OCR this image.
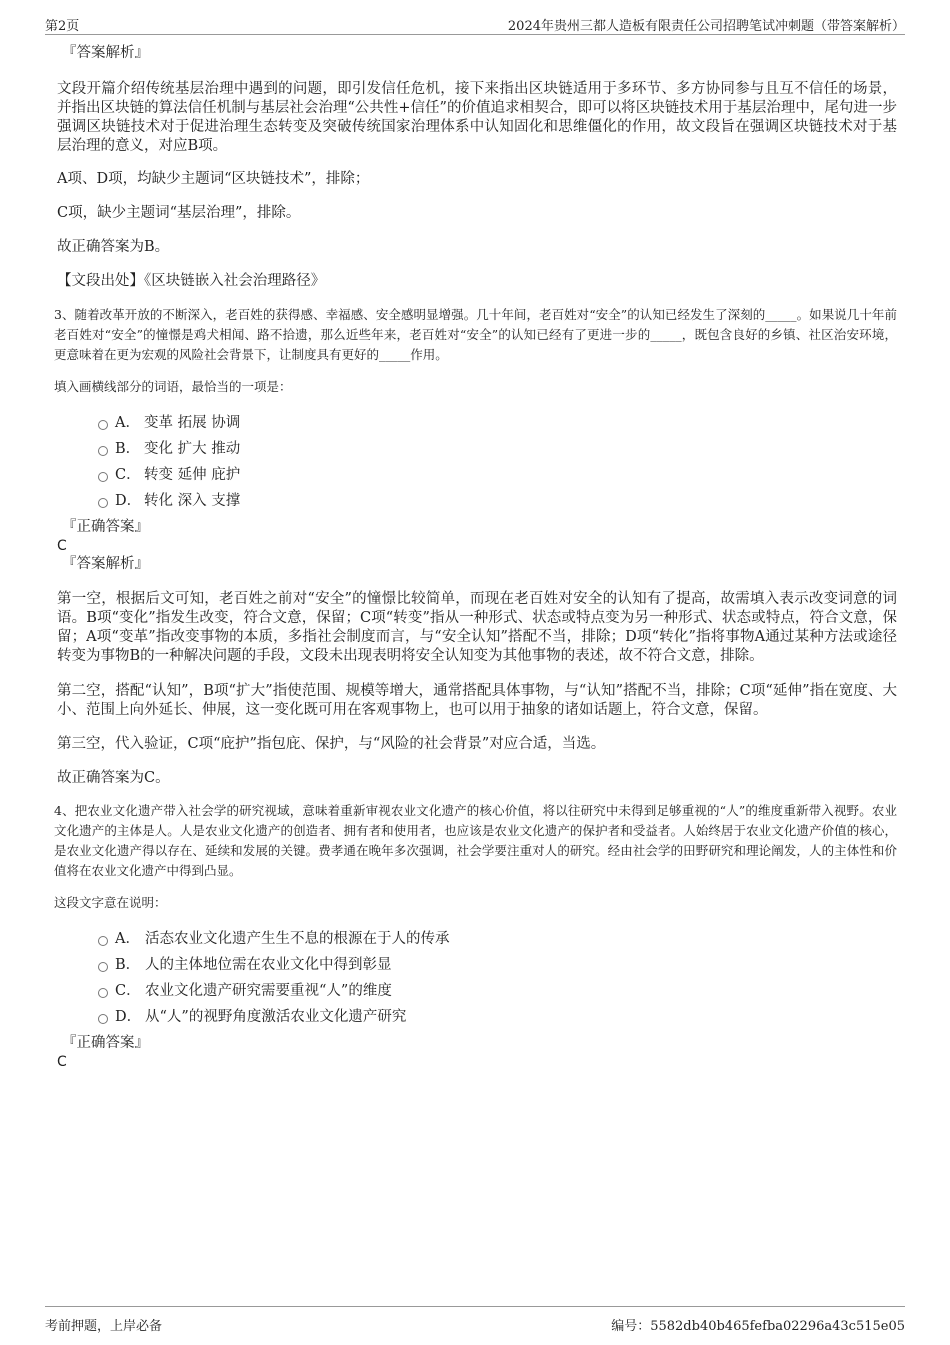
第2页	2024年贵州三都人造板有限责任公司招聘笔试冲刺题（带答案解析）

『答案解析』

文段开篇介绍传统基层治理中遇到的问题，即引发信任危机，接下来指出区块链适用于多环节、多方协同参与且互不信任的场景，并指出区块链的算法信任机制与基层社会治理“公共性+信任”的价值追求相契合，即可以将区块链技术用于基层治理中，尾句进一步强调区块链技术对于促进治理生态转变及突破传统国家治理体系中认知固化和思维僵化的作用，故文段旨在强调区块链技术对于基层治理的意义，对应B项。

A项、D项，均缺少主题词“区块链技术”，排除；

C项，缺少主题词“基层治理”，排除。

故正确答案为B。

【文段出处】《区块链嵌入社会治理路径》

3、随着改革开放的不断深入，老百姓的获得感、幸福感、安全感明显增强。几十年间，老百姓对“安全”的认知已经发生了深刻的_____。如果说几十年前老百姓对“安全”的憧憬是鸡犬相闻、路不拾遗，那么近些年来，老百姓对“安全”的认知已经有了更进一步的_____，既包含良好的乡镇、社区治安环境，更意味着在更为宏观的风险社会背景下，让制度具有更好的_____作用。

填入画横线部分的词语，最恰当的一项是：

A． 变革 拓展 协调
B． 变化 扩大 推动
C． 转变 延伸 庇护
D． 转化 深入 支撑

『正确答案』

C

『答案解析』

第一空，根据后文可知，老百姓之前对“安全”的憧憬比较简单，而现在老百姓对安全的认知有了提高，故需填入表示改变词意的词语。B项“变化”指发生改变，符合文意，保留；C项“转变”指从一种形式、状态或特点变为另一种形式、状态或特点，符合文意，保留；A项“变革”指改变事物的本质，多指社会制度而言，与“安全认知”搭配不当，排除；D项“转化”指将事物A通过某种方法或途径转变为事物B的一种解决问题的手段，文段未出现表明将安全认知变为其他事物的表述，故不符合文意，排除。

第二空，搭配“认知”，B项“扩大”指使范围、规模等增大，通常搭配具体事物，与“认知”搭配不当，排除；C项“延伸”指在宽度、大小、范围上向外延长、伸展，这一变化既可用在客观事物上，也可以用于抽象的诸如话题上，符合文意，保留。

第三空，代入验证，C项“庇护”指包庇、保护，与“风险的社会背景”对应合适，当选。

故正确答案为C。

4、把农业文化遗产带入社会学的研究视域，意味着重新审视农业文化遗产的核心价值，将以往研究中未得到足够重视的“人”的维度重新带入视野。农业文化遗产的主体是人。人是农业文化遗产的创造者、拥有者和使用者，也应该是农业文化遗产的保护者和受益者。人始终居于农业文化遗产价值的核心，是农业文化遗产得以存在、延续和发展的关键。费孝通在晚年多次强调，社会学要注重对人的研究。经由社会学的田野研究和理论阐发，人的主体性和价值将在农业文化遗产中得到凸显。

这段文字意在说明：

A． 活态农业文化遗产生生不息的根源在于人的传承
B． 人的主体地位需在农业文化中得到彰显
C． 农业文化遗产研究需要重视“人”的维度
D． 从“人”的视野角度激活农业文化遗产研究

『正确答案』

C

考前押题，上岸必备	编号：5582db40b465fefba02296a43c515e05
